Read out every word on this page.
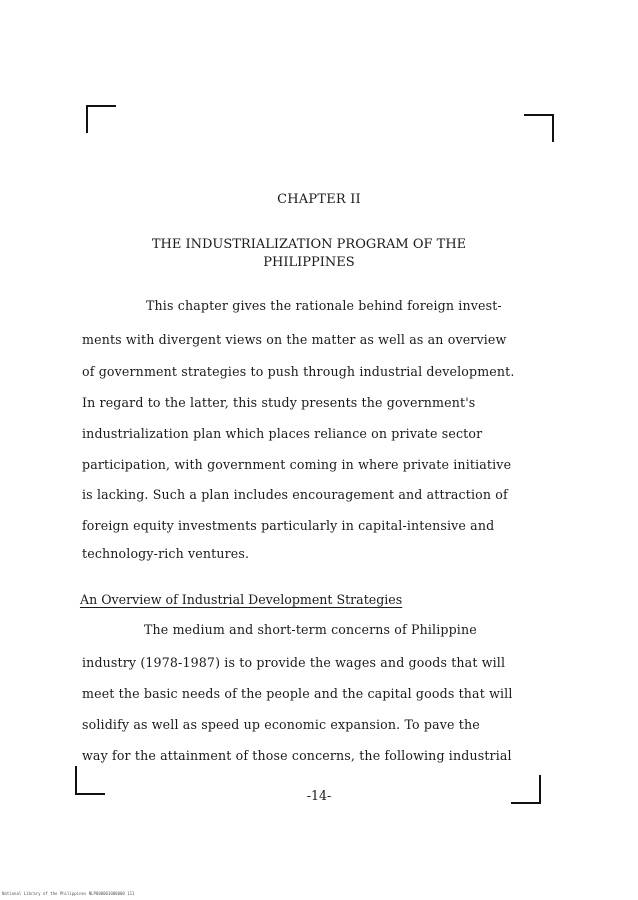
CHAPTER II
THE INDUSTRIALIZATION PROGRAM OF THE
PHILIPPINES
This chapter gives the rationale behind foreign invest-
ments with divergent views on the matter as well as an overview
of government strategies to push through industrial development.
In regard to the latter, this study presents the government's
industrialization plan which places reliance on private sector
participation, with government coming in where private initiative
is lacking. Such a plan includes encouragement and attraction of
foreign equity investments particularly in capital-intensive and
technology-rich ventures.
An Overview of Industrial Development Strategies
The medium and short-term concerns of Philippine
industry (1978-1987) is to provide the wages and goods that will
meet the basic needs of the people and the capital goods that will
solidify as well as speed up economic expansion. To pave the
way for the attainment of those concerns, the following industrial
-14-
National Library of the Philippines NLP000001000000 111
